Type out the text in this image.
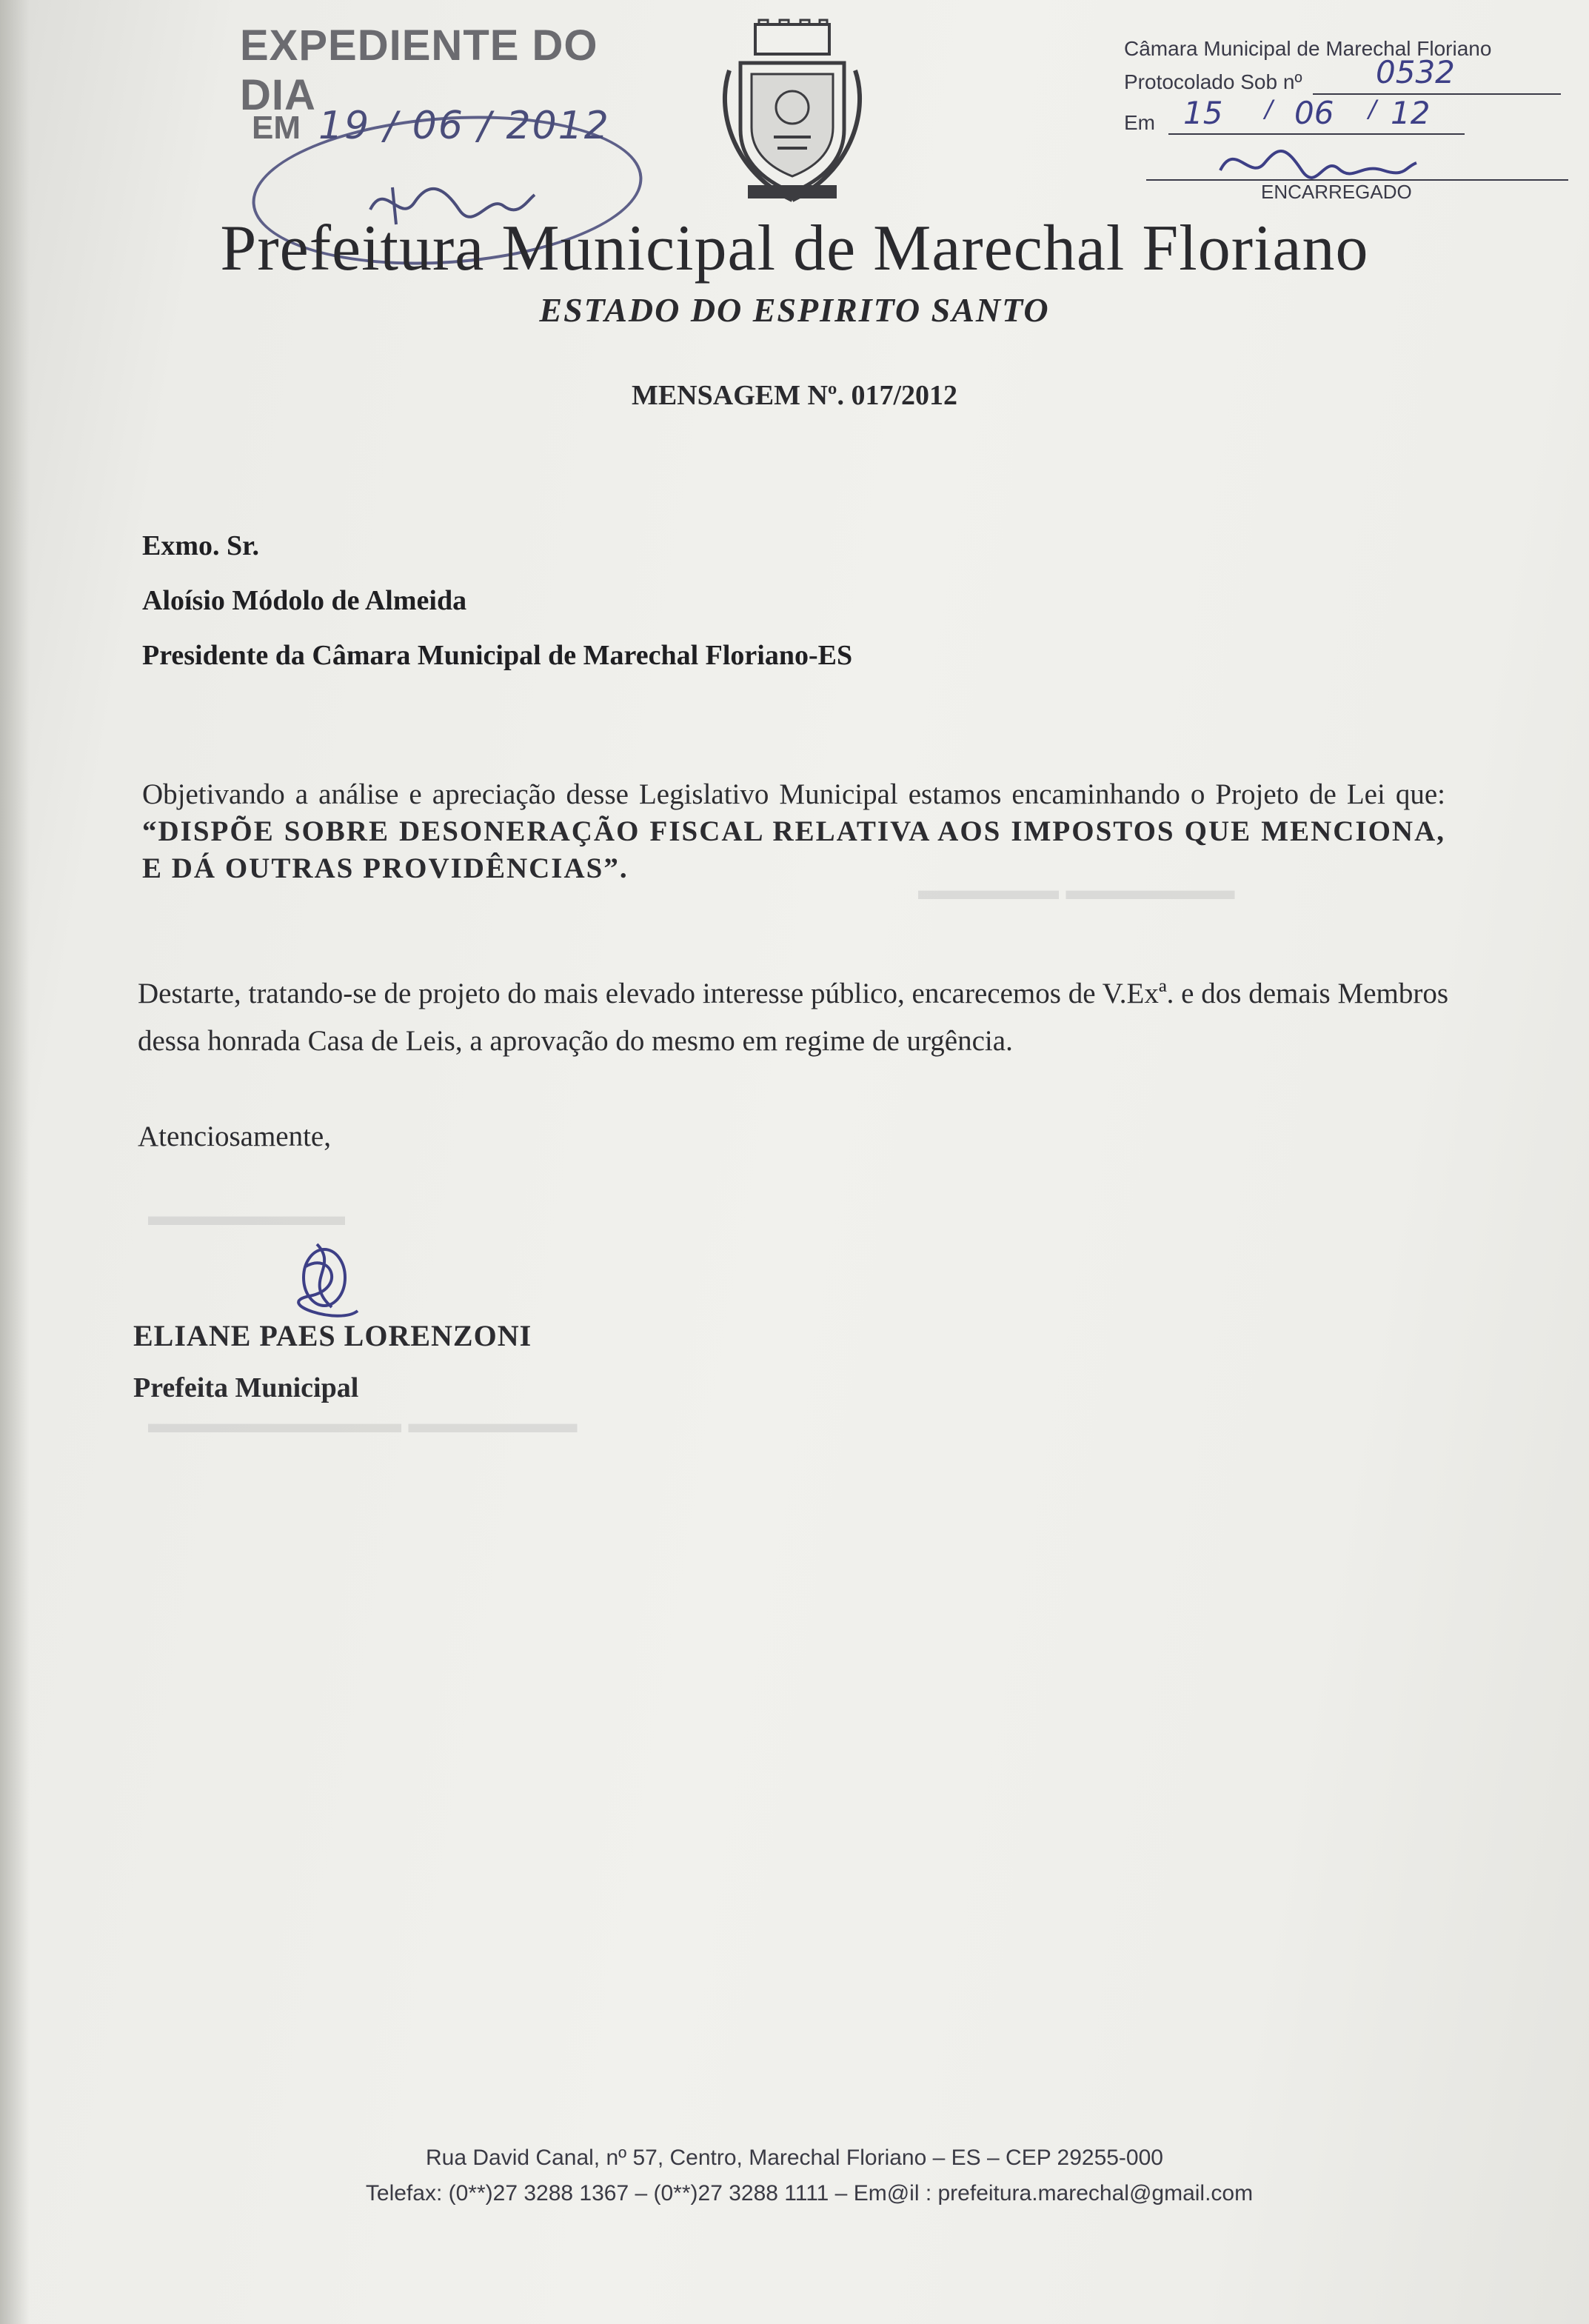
EXPEDIENTE DO DIA
EM 19 / 06 / 2012
Câmara Municipal de Marechal Floriano
Protocolado Sob nº 0532
Em 15 / 06 / 12
ENCARREGADO
Prefeitura Municipal de Marechal Floriano
ESTADO DO ESPIRITO SANTO
MENSAGEM Nº. 017/2012
Exmo. Sr.
Aloísio Módolo de Almeida
Presidente da Câmara Municipal de Marechal Floriano-ES
▬▬▬▬▬ ▬▬▬▬▬▬
▬▬▬▬▬▬▬
▬▬▬▬▬▬▬▬▬ ▬▬▬▬▬▬
Objetivando a análise e apreciação desse Legislativo Municipal estamos encaminhando o Projeto de Lei que: “DISPÕE SOBRE DESONERAÇÃO FISCAL RELATIVA AOS IMPOSTOS QUE MENCIONA, E DÁ OUTRAS PROVIDÊNCIAS”.
Destarte, tratando-se de projeto do mais elevado interesse público, encarecemos de V.Exª. e dos demais Membros dessa honrada Casa de Leis, a aprovação do mesmo em regime de urgência.
Atenciosamente,
ELIANE PAES LORENZONI
Prefeita Municipal
Rua David Canal, nº 57, Centro, Marechal Floriano – ES – CEP 29255-000
Telefax: (0**)27 3288 1367 – (0**)27 3288 1111 – Em@il : prefeitura.marechal@gmail.com
